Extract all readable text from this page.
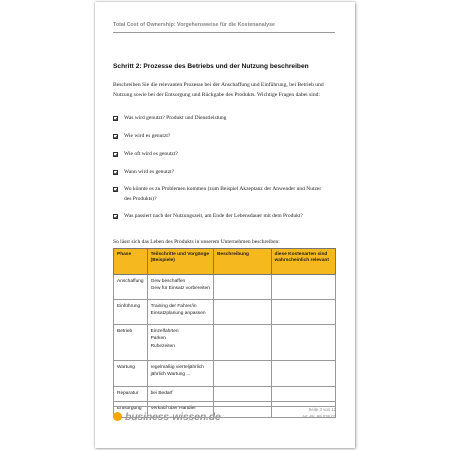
Total Cost of Ownership: Vorgehensweise für die Kostenanalyse
Schritt 2: Prozesse des Betriebs und der Nutzung beschreiben
Beschreiben Sie die relevanten Prozesse bei der Anschaffung und Einführung, bei Betrieb und Nutzung sowie bei der Entsorgung und Rückgabe des Produkts. Wichtige Fragen dabei sind:
Was wird genutzt? Produkt und Dienstleistung
Wie wird es genutzt?
Wie oft wird es genutzt?
Wann wird es genutzt?
Wo könnte es zu Problemen kommen (zum Beispiel Akzeptanz der Anwender und Nutzer des Produkts)?
Was passiert nach der Nutzungszeit, am Ende der Lebensdauer mit dem Produkt?
So lässt sich das Leben des Produkts in unserem Unternehmen beschreiben:
Phase	Teilschritte und Vorgänge (Beispiele)	Beschreibung	diese Kostenarten sind wahrscheinlich relevant
Anschaffung	Gew beschaffen
Gew für Einsatz vorbereiten		
Einführung	Training der Fahrer/in
Einsatzplanung anpassen		
Betrieb	Einzelfahrten
Parken
Ruhezeiten		
Wartung	regelmäßig vierteljährlich
jährlich Wartung ...		
Reparatur	bei Bedarf		
Entsorgung	Verkauf über Händler		
business-wissen.de
Seite 3 von 12
Art.-Nr. 99.036.02
